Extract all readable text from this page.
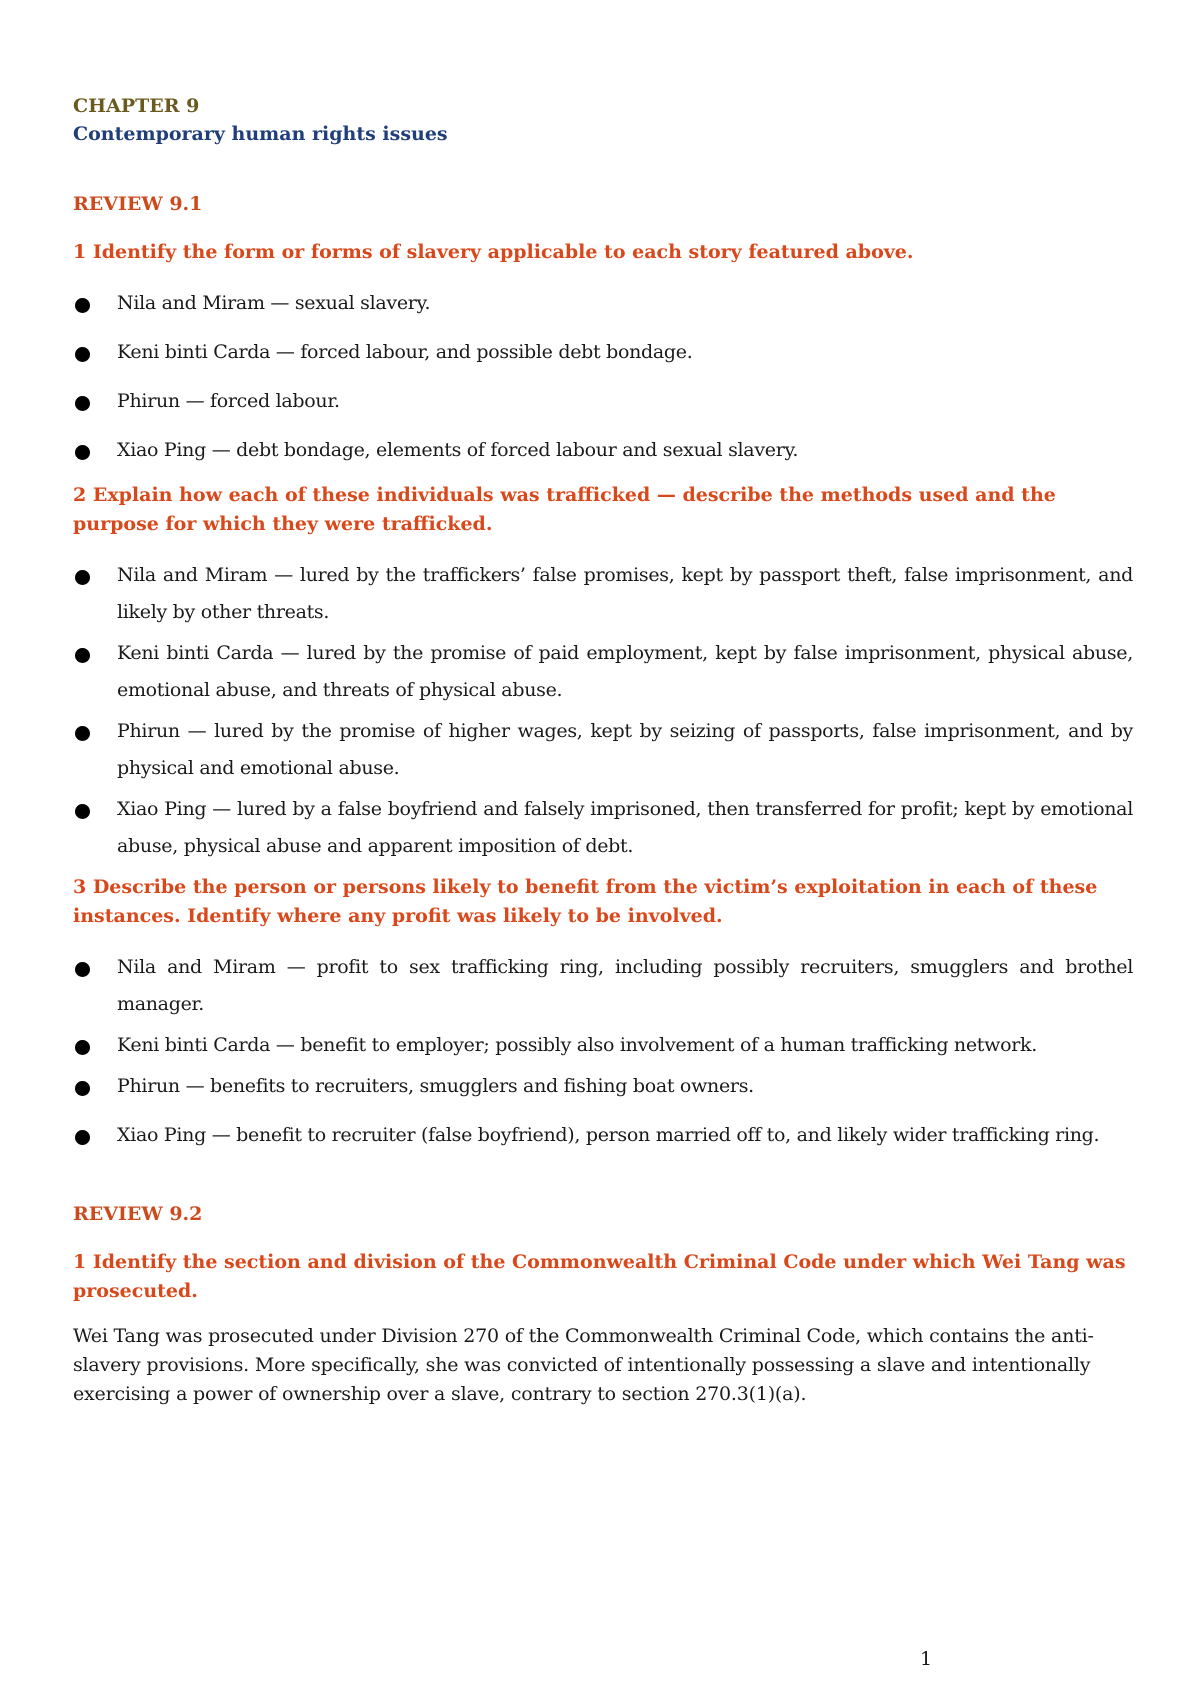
CHAPTER 9
Contemporary human rights issues
REVIEW 9.1
1 Identify the form or forms of slavery applicable to each story featured above.
Nila and Miram — sexual slavery.
Keni binti Carda — forced labour, and possible debt bondage.
Phirun — forced labour.
Xiao Ping — debt bondage, elements of forced labour and sexual slavery.
2 Explain how each of these individuals was trafficked — describe the methods used and the purpose for which they were trafficked.
Nila and Miram — lured by the traffickers’ false promises, kept by passport theft, false imprisonment, and likely by other threats.
Keni binti Carda — lured by the promise of paid employment, kept by false imprisonment, physical abuse, emotional abuse, and threats of physical abuse.
Phirun — lured by the promise of higher wages, kept by seizing of passports, false imprisonment, and by physical and emotional abuse.
Xiao Ping — lured by a false boyfriend and falsely imprisoned, then transferred for profit; kept by emotional abuse, physical abuse and apparent imposition of debt.
3 Describe the person or persons likely to benefit from the victim’s exploitation in each of these instances. Identify where any profit was likely to be involved.
Nila and Miram — profit to sex trafficking ring, including possibly recruiters, smugglers and brothel manager.
Keni binti Carda — benefit to employer; possibly also involvement of a human trafficking network.
Phirun — benefits to recruiters, smugglers and fishing boat owners.
Xiao Ping — benefit to recruiter (false boyfriend), person married off to, and likely wider trafficking ring.
REVIEW 9.2
1 Identify the section and division of the Commonwealth Criminal Code under which Wei Tang was prosecuted.
Wei Tang was prosecuted under Division 270 of the Commonwealth Criminal Code, which contains the anti-slavery provisions. More specifically, she was convicted of intentionally possessing a slave and intentionally exercising a power of ownership over a slave, contrary to section 270.3(1)(a).
1
